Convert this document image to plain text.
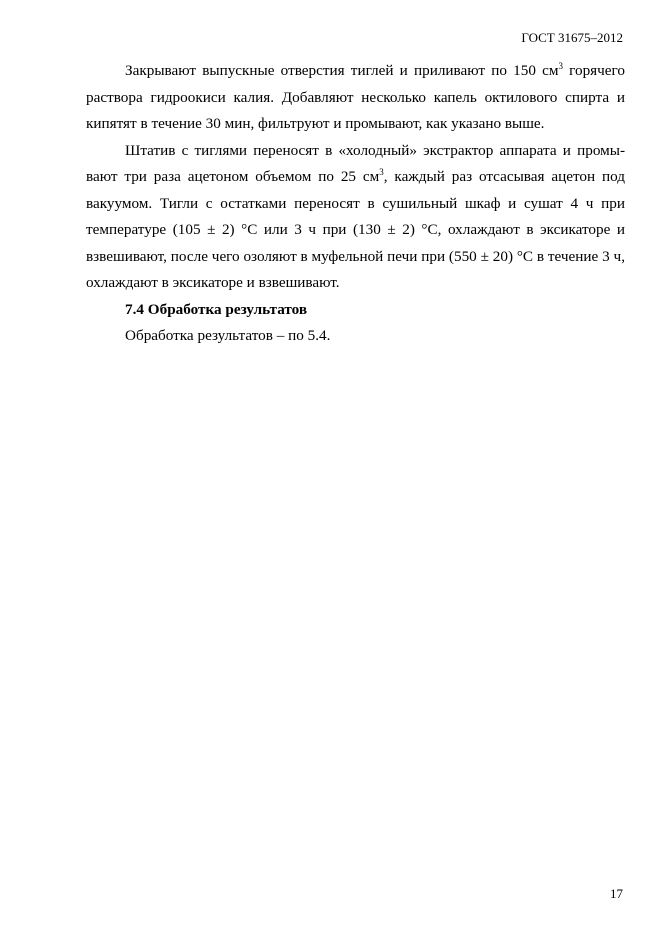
ГОСТ 31675–2012

Закрывают выпускные отверстия тиглей и приливают по 150 $см^3$ горячего раствора гидроокиси калия. Добавляют несколько капель октилового спирта и кипятят в течение 30 мин, фильтруют и промывают, как указано выше.

Штатив с тиглями переносят в «холодный» экстрактор аппарата и промывают три раза ацетоном объемом по 25 $см^3$, каждый раз отсасывая ацетон под вакуумом. Тигли с остатками переносят в сушильный шкаф и сушат 4 ч при температуре (105 ± 2) °С или 3 ч при (130 ± 2) °С, охлаждают в эксикаторе и взвешивают, после чего озоляют в муфельной печи при (550 ± 20) °С в течение 3 ч, охлаждают в эксикаторе и взвешивают.

7.4 Обработка результатов

Обработка результатов – по 5.4.

17
